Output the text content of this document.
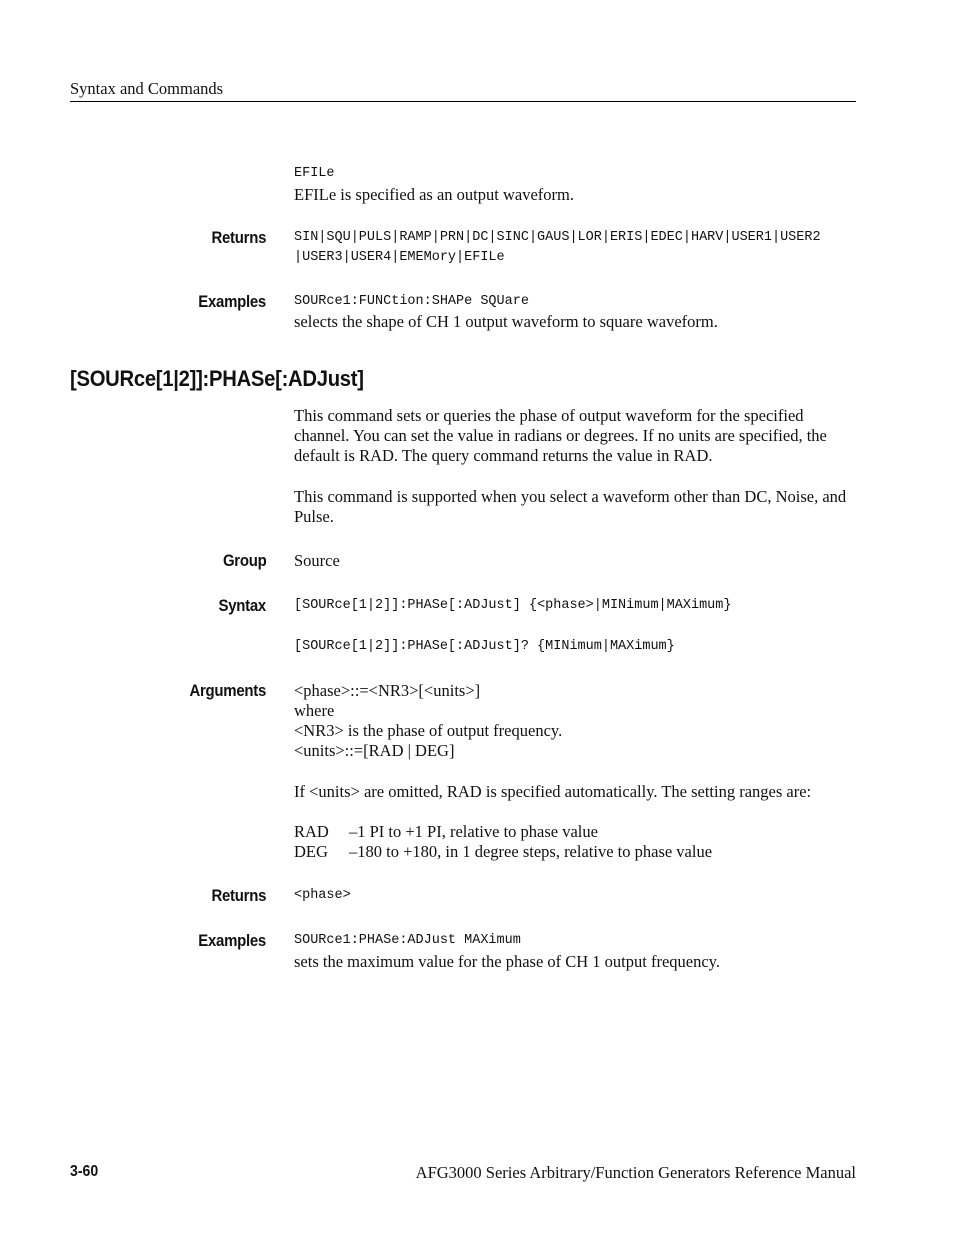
Syntax and Commands
EFILe
EFILe is specified as an output waveform.
Returns SIN|SQU|PULS|RAMP|PRN|DC|SINC|GAUS|LOR|ERIS|EDEC|HARV|USER1|USER2
|USER3|USER4|EMEMory|EFILe
Examples SOURce1:FUNCtion:SHAPe SQUare
selects the shape of CH 1 output waveform to square waveform.
[SOURce[1|2]]:PHASe[:ADJust]
This command sets or queries the phase of output waveform for the specified
channel. You can set the value in radians or degrees. If no units are specified, the
default is RAD. The query command returns the value in RAD.
This command is supported when you select a waveform other than DC, Noise, and
Pulse.
Group Source
Syntax [SOURce[1|2]]:PHASe[:ADJust] {<phase>|MINimum|MAXimum}
[SOURce[1|2]]:PHASe[:ADJust]? {MINimum|MAXimum}
Arguments <phase>::=<NR3>[<units>]
where
<NR3> is the phase of output frequency.
<units>::=[RAD | DEG]
If <units> are omitted, RAD is specified automatically. The setting ranges are:
RAD –1 PI to +1 PI, relative to phase value
DEG –180 to +180, in 1 degree steps, relative to phase value
Returns <phase>
Examples SOURce1:PHASe:ADJust MAXimum
sets the maximum value for the phase of CH 1 output frequency.
3-60	AFG3000 Series Arbitrary/Function Generators Reference Manual
